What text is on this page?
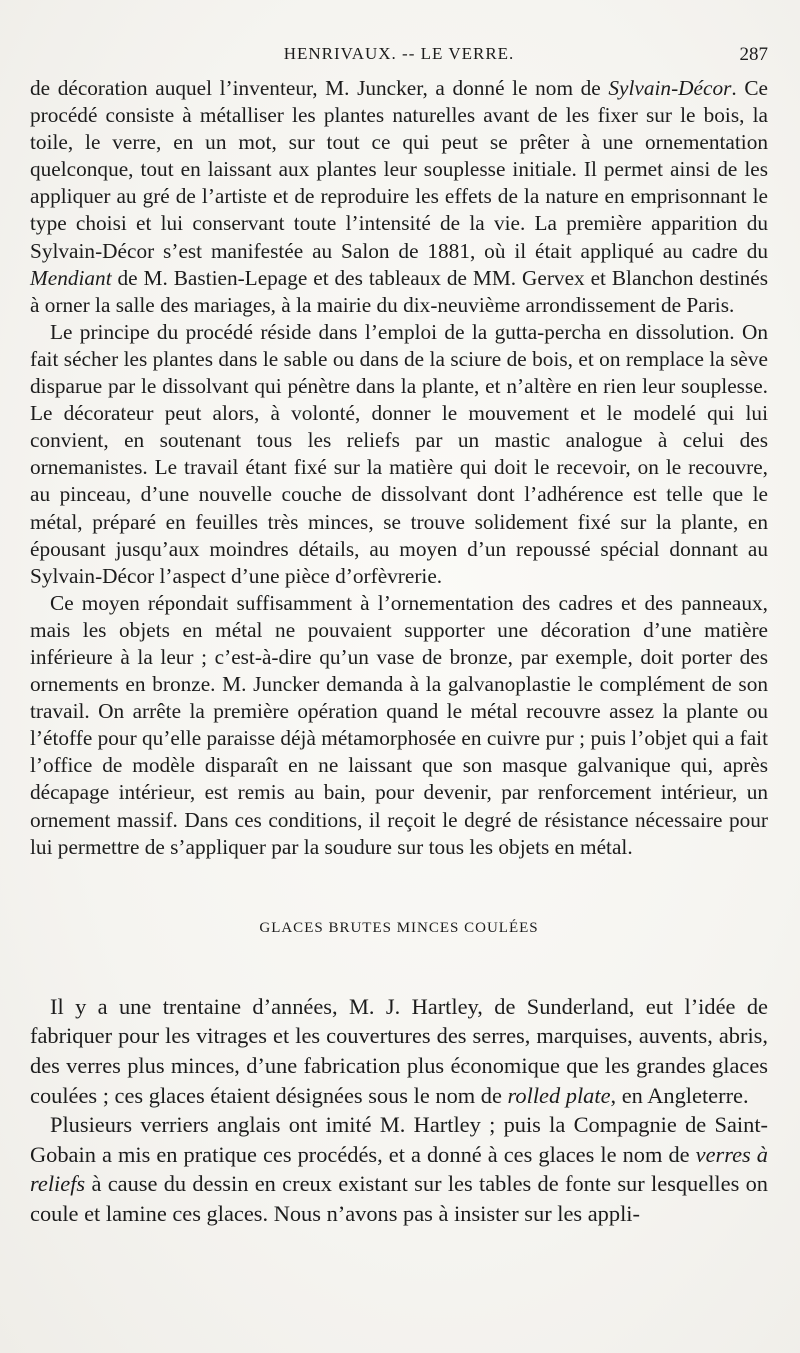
HENRIVAUX. -- LE VERRE.	287

de décoration auquel l’inventeur, M. Juncker, a donné le nom de Sylvain-Décor. Ce procédé consiste à métalliser les plantes naturelles avant de les fixer sur le bois, la toile, le verre, en un mot, sur tout ce qui peut se prêter à une ornementation quelconque, tout en laissant aux plantes leur souplesse initiale. Il permet ainsi de les appliquer au gré de l’artiste et de reproduire les effets de la nature en emprisonnant le type choisi et lui conservant toute l’intensité de la vie. La première apparition du Sylvain-Décor s’est manifestée au Salon de 1881, où il était appliqué au cadre du Mendiant de M. Bastien-Lepage et des tableaux de MM. Gervex et Blanchon destinés à orner la salle des mariages, à la mairie du dix-neuvième arrondissement de Paris.

Le principe du procédé réside dans l’emploi de la gutta-percha en dissolution. On fait sécher les plantes dans le sable ou dans de la sciure de bois, et on remplace la sève disparue par le dissolvant qui pénètre dans la plante, et n’altère en rien leur souplesse. Le décorateur peut alors, à volonté, donner le mouvement et le modelé qui lui convient, en soutenant tous les reliefs par un mastic analogue à celui des ornemanistes. Le travail étant fixé sur la matière qui doit le recevoir, on le recouvre, au pinceau, d’une nouvelle couche de dissolvant dont l’adhérence est telle que le métal, préparé en feuilles très minces, se trouve solidement fixé sur la plante, en épousant jusqu’aux moindres détails, au moyen d’un repoussé spécial donnant au Sylvain-Décor l’aspect d’une pièce d’orfèvrerie.

Ce moyen répondait suffisamment à l’ornementation des cadres et des panneaux, mais les objets en métal ne pouvaient supporter une décoration d’une matière inférieure à la leur ; c’est-à-dire qu’un vase de bronze, par exemple, doit porter des ornements en bronze. M. Juncker demanda à la galvanoplastie le complément de son travail. On arrête la première opération quand le métal recouvre assez la plante ou l’étoffe pour qu’elle paraisse déjà métamorphosée en cuivre pur ; puis l’objet qui a fait l’office de modèle disparaît en ne laissant que son masque galvanique qui, après décapage intérieur, est remis au bain, pour devenir, par renforcement intérieur, un ornement massif. Dans ces conditions, il reçoit le degré de résistance nécessaire pour lui permettre de s’appliquer par la soudure sur tous les objets en métal.

GLACES BRUTES MINCES COULÉES

Il y a une trentaine d’années, M. J. Hartley, de Sunderland, eut l’idée de fabriquer pour les vitrages et les couvertures des serres, marquises, auvents, abris, des verres plus minces, d’une fabrication plus économique que les grandes glaces coulées ; ces glaces étaient désignées sous le nom de rolled plate, en Angleterre.

Plusieurs verriers anglais ont imité M. Hartley ; puis la Compagnie de Saint-Gobain a mis en pratique ces procédés, et a donné à ces glaces le nom de verres à reliefs à cause du dessin en creux existant sur les tables de fonte sur lesquelles on coule et lamine ces glaces. Nous n’avons pas à insister sur les appli-
